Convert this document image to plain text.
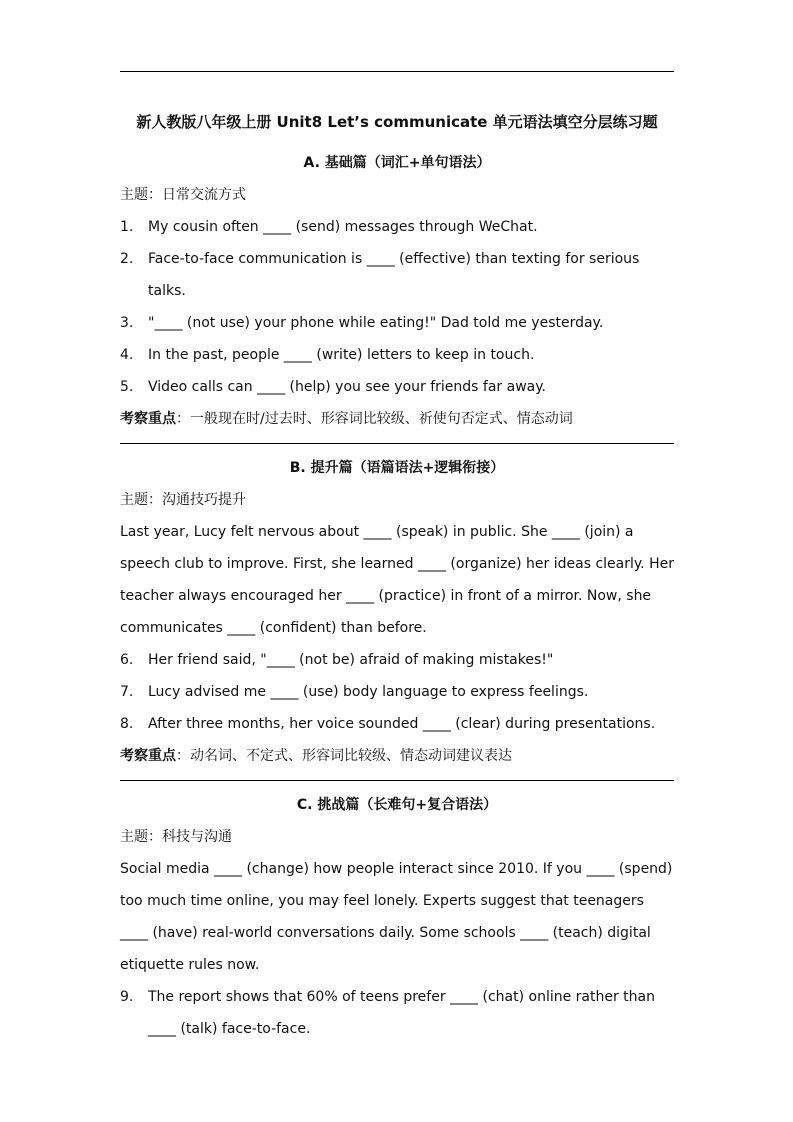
新人教版八年级上册 Unit8 Let’s communicate 单元语法填空分层练习题
A. 基础篇（词汇+单句语法）
主题：日常交流方式
1. My cousin often ____ (send) messages through WeChat.
2. Face-to-face communication is ____ (effective) than texting for serious talks.
3. "____ (not use) your phone while eating!" Dad told me yesterday.
4. In the past, people ____ (write) letters to keep in touch.
5. Video calls can ____ (help) you see your friends far away.
考察重点：一般现在时/过去时、形容词比较级、祈使句否定式、情态动词
B. 提升篇（语篇语法+逻辑衔接）
主题：沟通技巧提升
Last year, Lucy felt nervous about ____ (speak) in public. She ____ (join) a speech club to improve. First, she learned ____ (organize) her ideas clearly. Her teacher always encouraged her ____ (practice) in front of a mirror. Now, she communicates ____ (confident) than before.
6. Her friend said, "____ (not be) afraid of making mistakes!"
7. Lucy advised me ____ (use) body language to express feelings.
8. After three months, her voice sounded ____ (clear) during presentations.
考察重点：动名词、不定式、形容词比较级、情态动词建议表达
C. 挑战篇（长难句+复合语法）
主题：科技与沟通
Social media ____ (change) how people interact since 2010. If you ____ (spend) too much time online, you may feel lonely. Experts suggest that teenagers ____ (have) real-world conversations daily. Some schools ____ (teach) digital etiquette rules now.
9. The report shows that 60% of teens prefer ____ (chat) online rather than ____ (talk) face-to-face.
